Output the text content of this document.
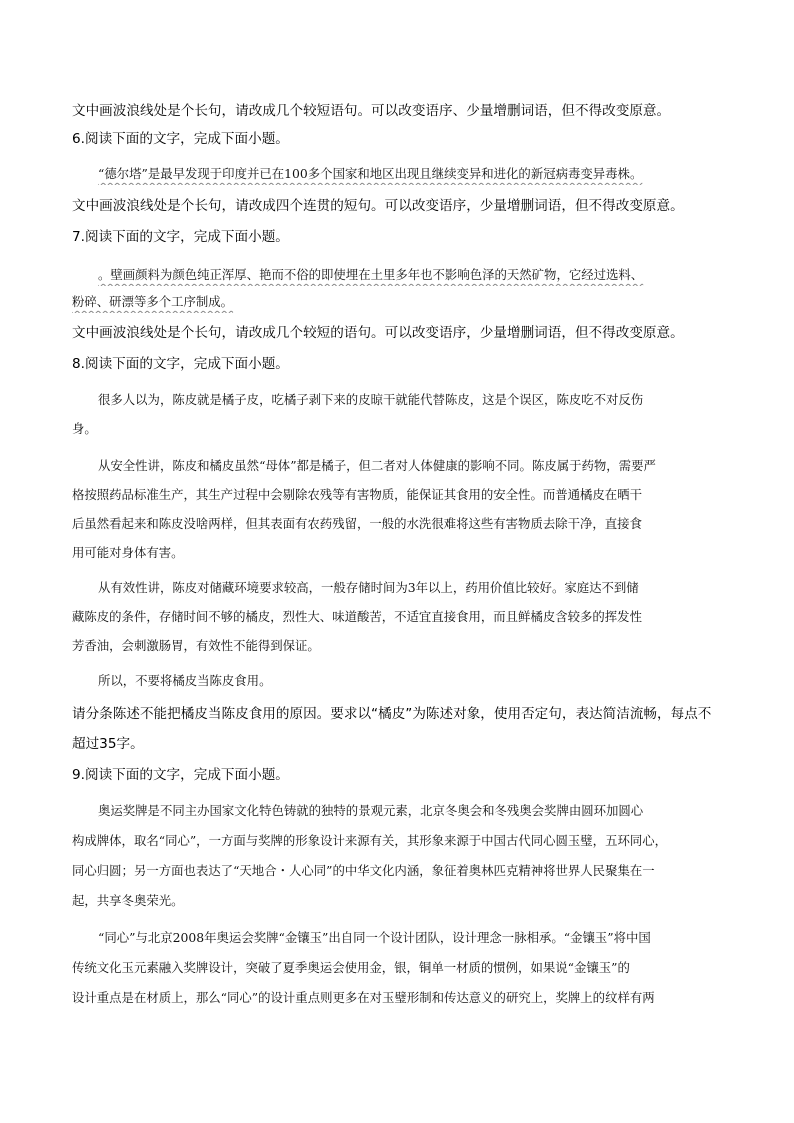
文中画波浪线处是个长句，请改成几个较短语句。可以改变语序、少量增删词语，但不得改变原意。
6.阅读下面的文字，完成下面小题。
“德尔塔”是最早发现于印度并已在100多个国家和地区出现且继续变异和进化的新冠病毒变异毒株。
文中画波浪线处是个长句，请改成四个连贯的短句。可以改变语序，少量增删词语，但不得改变原意。
7.阅读下面的文字，完成下面小题。
。壁画颜料为颜色纯正浑厚、艳而不俗的即使埋在土里多年也不影响色泽的天然矿物，它经过选料、
粉碎、研漂等多个工序制成。
文中画波浪线处是个长句，请改成几个较短的语句。可以改变语序，少量增删词语，但不得改变原意。
8.阅读下面的文字，完成下面小题。
很多人以为，陈皮就是橘子皮，吃橘子剥下来的皮晾干就能代替陈皮，这是个误区，陈皮吃不对反伤
身。
从安全性讲，陈皮和橘皮虽然“母体”都是橘子，但二者对人体健康的影响不同。陈皮属于药物，需要严
格按照药品标准生产，其生产过程中会剔除农残等有害物质，能保证其食用的安全性。而普通橘皮在晒干
后虽然看起来和陈皮没啥两样，但其表面有农药残留，一般的水洗很难将这些有害物质去除干净，直接食
用可能对身体有害。
从有效性讲，陈皮对储藏环境要求较高，一般存储时间为3年以上，药用价值比较好。家庭达不到储
藏陈皮的条件，存储时间不够的橘皮，烈性大、味道酸苦，不适宜直接食用，而且鲜橘皮含较多的挥发性
芳香油，会刺激肠胃，有效性不能得到保证。
所以，不要将橘皮当陈皮食用。
请分条陈述不能把橘皮当陈皮食用的原因。要求以“橘皮”为陈述对象，使用否定句，表达简洁流畅，每点不
超过35字。
9.阅读下面的文字，完成下面小题。
奥运奖牌是不同主办国家文化特色铸就的独特的景观元素，北京冬奥会和冬残奥会奖牌由圆环加圆心
构成牌体，取名“同心”，一方面与奖牌的形象设计来源有关，其形象来源于中国古代同心圆玉璧，五环同心，
同心归圆；另一方面也表达了“天地合・人心同”的中华文化内涵，象征着奥林匹克精神将世界人民聚集在一
起，共享冬奥荣光。
“同心”与北京2008年奥运会奖牌“金镶玉”出自同一个设计团队，设计理念一脉相承。“金镶玉”将中国
传统文化玉元素融入奖牌设计，突破了夏季奥运会使用金，银，铜单一材质的惯例，如果说“金镶玉”的
设计重点是在材质上，那么“同心”的设计重点则更多在对玉璧形制和传达意义的研究上，奖牌上的纹样有两
